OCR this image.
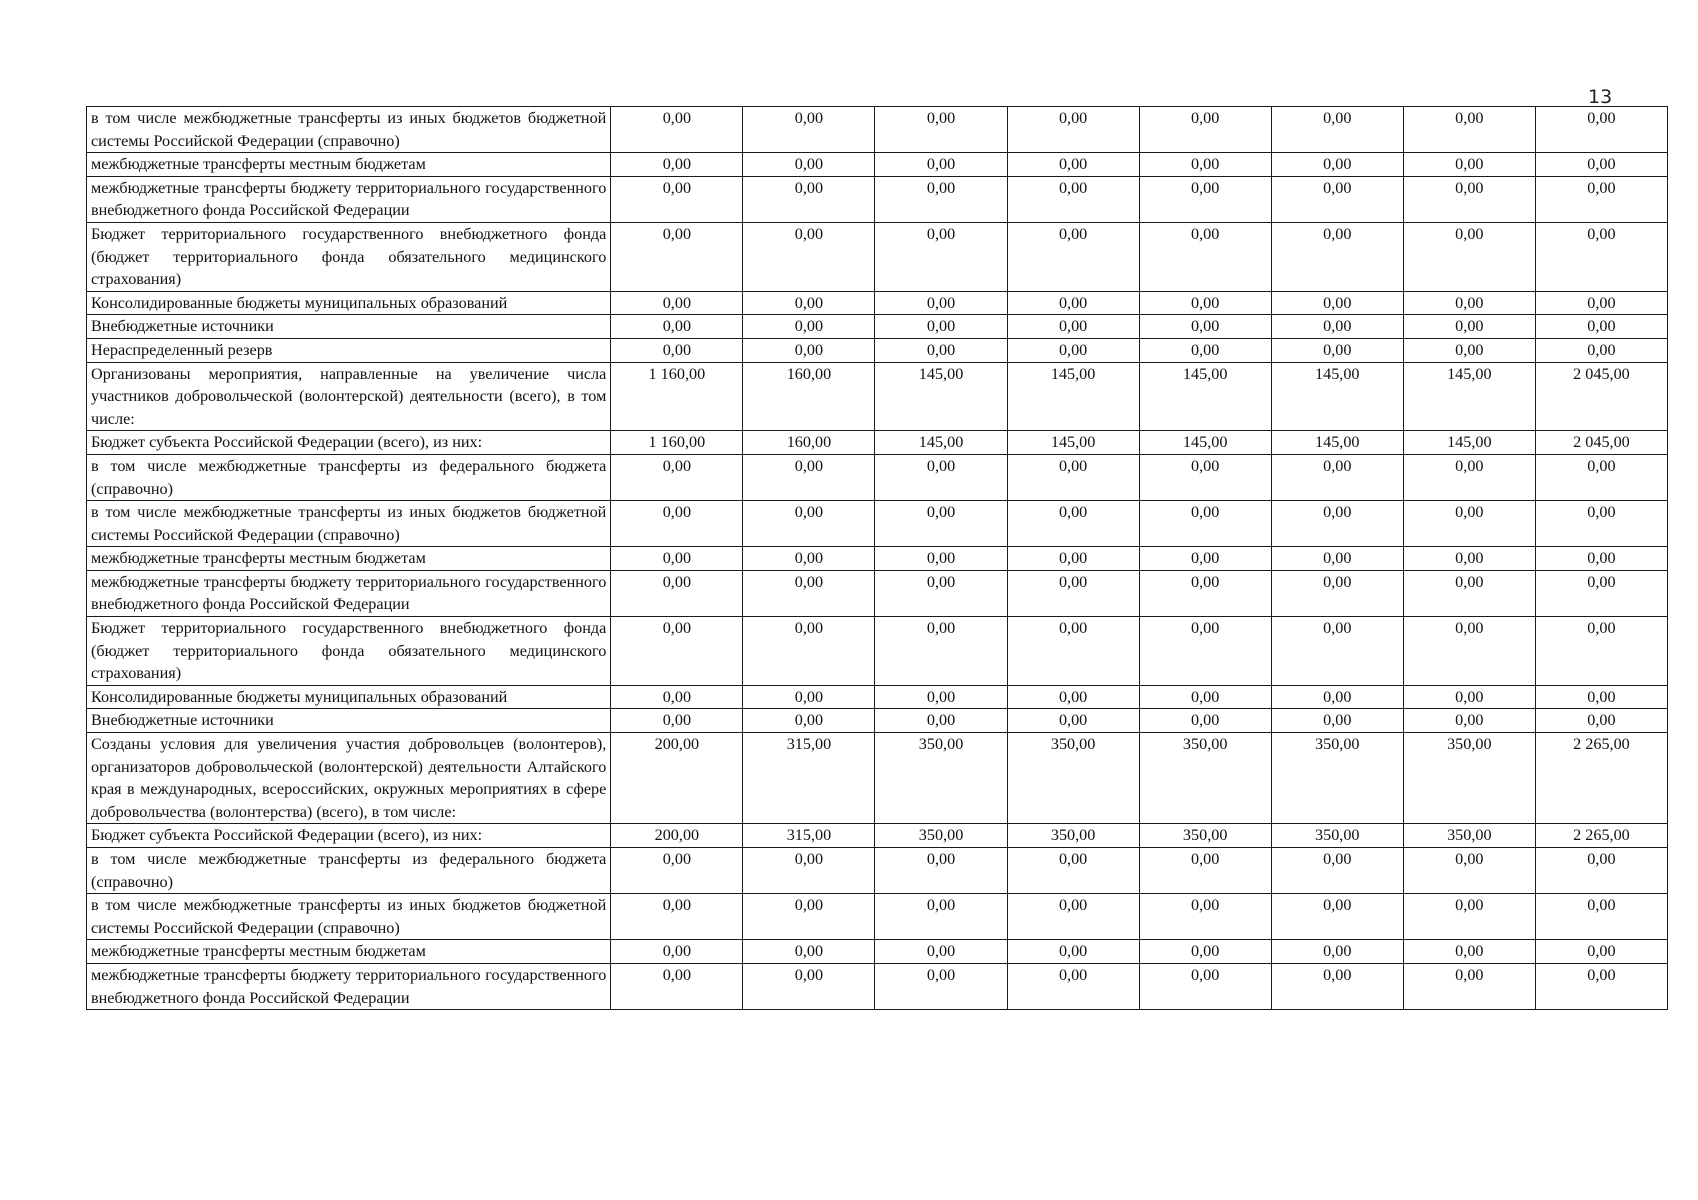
13
в том числе межбюджетные трансферты из иных бюджетов бюджетной системы Российской Федерации (справочно)	0,00	0,00	0,00	0,00	0,00	0,00	0,00	0,00
межбюджетные трансферты местным бюджетам	0,00	0,00	0,00	0,00	0,00	0,00	0,00	0,00
межбюджетные трансферты бюджету территориального государственного внебюджетного фонда Российской Федерации	0,00	0,00	0,00	0,00	0,00	0,00	0,00	0,00
Бюджет территориального государственного внебюджетного фонда (бюджет территориального фонда обязательного медицинского страхования)	0,00	0,00	0,00	0,00	0,00	0,00	0,00	0,00
Консолидированные бюджеты муниципальных образований	0,00	0,00	0,00	0,00	0,00	0,00	0,00	0,00
Внебюджетные источники	0,00	0,00	0,00	0,00	0,00	0,00	0,00	0,00
Нераспределенный резерв	0,00	0,00	0,00	0,00	0,00	0,00	0,00	0,00
Организованы мероприятия, направленные на увеличение числа участников добровольческой (волонтерской) деятельности (всего), в том числе:	1 160,00	160,00	145,00	145,00	145,00	145,00	145,00	2 045,00
Бюджет субъекта Российской Федерации (всего), из них:	1 160,00	160,00	145,00	145,00	145,00	145,00	145,00	2 045,00
в том числе межбюджетные трансферты из федерального бюджета (справочно)	0,00	0,00	0,00	0,00	0,00	0,00	0,00	0,00
в том числе межбюджетные трансферты из иных бюджетов бюджетной системы Российской Федерации (справочно)	0,00	0,00	0,00	0,00	0,00	0,00	0,00	0,00
межбюджетные трансферты местным бюджетам	0,00	0,00	0,00	0,00	0,00	0,00	0,00	0,00
межбюджетные трансферты бюджету территориального государственного внебюджетного фонда Российской Федерации	0,00	0,00	0,00	0,00	0,00	0,00	0,00	0,00
Бюджет территориального государственного внебюджетного фонда (бюджет территориального фонда обязательного медицинского страхования)	0,00	0,00	0,00	0,00	0,00	0,00	0,00	0,00
Консолидированные бюджеты муниципальных образований	0,00	0,00	0,00	0,00	0,00	0,00	0,00	0,00
Внебюджетные источники	0,00	0,00	0,00	0,00	0,00	0,00	0,00	0,00
Созданы условия для увеличения участия добровольцев (волонтеров), организаторов добровольческой (волонтерской) деятельности Алтайского края в международных, всероссийских, окружных мероприятиях в сфере добровольчества (волонтерства) (всего), в том числе:	200,00	315,00	350,00	350,00	350,00	350,00	350,00	2 265,00
Бюджет субъекта Российской Федерации (всего), из них:	200,00	315,00	350,00	350,00	350,00	350,00	350,00	2 265,00
в том числе межбюджетные трансферты из федерального бюджета (справочно)	0,00	0,00	0,00	0,00	0,00	0,00	0,00	0,00
в том числе межбюджетные трансферты из иных бюджетов бюджетной системы Российской Федерации (справочно)	0,00	0,00	0,00	0,00	0,00	0,00	0,00	0,00
межбюджетные трансферты местным бюджетам	0,00	0,00	0,00	0,00	0,00	0,00	0,00	0,00
межбюджетные трансферты бюджету территориального государственного внебюджетного фонда Российской Федерации	0,00	0,00	0,00	0,00	0,00	0,00	0,00	0,00
